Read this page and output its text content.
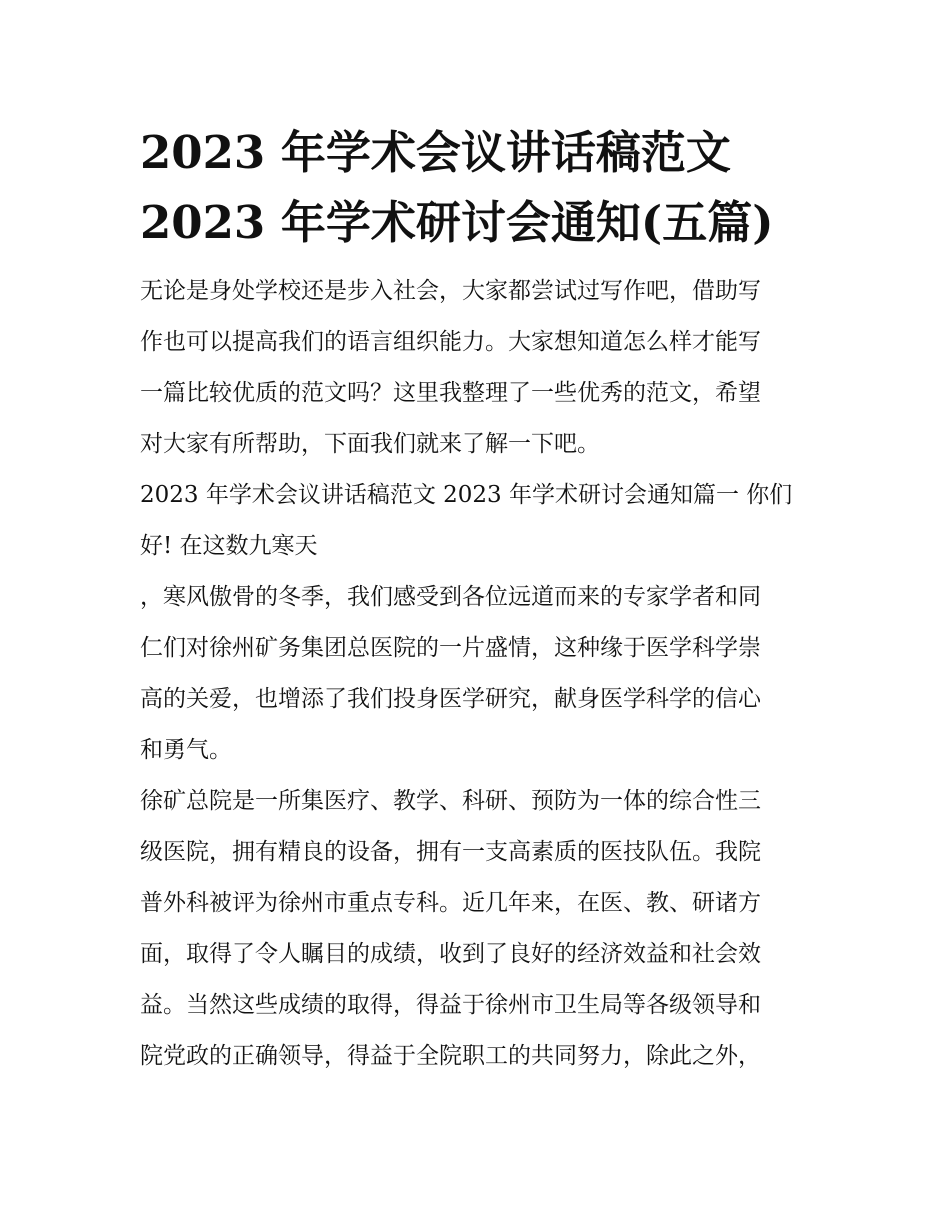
2023 年学术会议讲话稿范文
2023 年学术研讨会通知(五篇)

无论是身处学校还是步入社会，大家都尝试过写作吧，借助写
作也可以提高我们的语言组织能力。大家想知道怎么样才能写
一篇比较优质的范文吗？这里我整理了一些优秀的范文，希望
对大家有所帮助，下面我们就来了解一下吧。

2023 年学术会议讲话稿范文 2023 年学术研讨会通知篇一 你们
好! 在这数九寒天

，寒风傲骨的冬季，我们感受到各位远道而来的专家学者和同
仁们对徐州矿务集团总医院的一片盛情，这种缘于医学科学崇
高的关爱，也增添了我们投身医学研究，献身医学科学的信心
和勇气。

徐矿总院是一所集医疗、教学、科研、预防为一体的综合性三
级医院，拥有精良的设备，拥有一支高素质的医技队伍。我院
普外科被评为徐州市重点专科。近几年来，在医、教、研诸方
面，取得了令人瞩目的成绩，收到了良好的经济效益和社会效
益。当然这些成绩的取得，得益于徐州市卫生局等各级领导和
院党政的正确领导，得益于全院职工的共同努力，除此之外，
